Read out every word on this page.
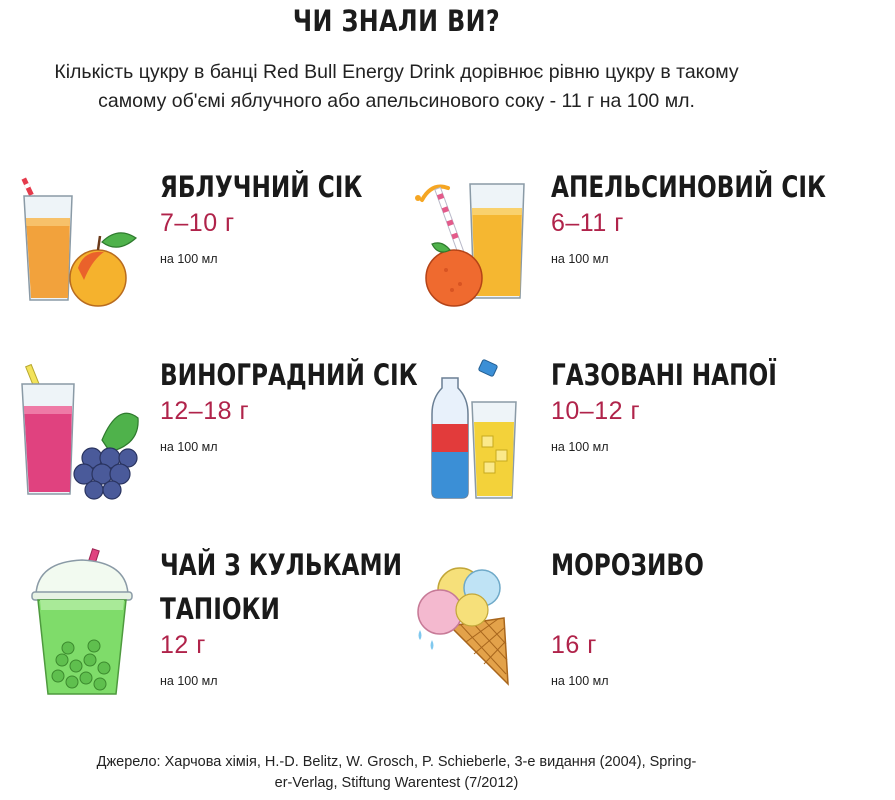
ЧИ ЗНАЛИ ВИ?
Кількість цукру в банці Red Bull Energy Drink дорівнює рівню цукру в такому
самому об'ємі яблучного або апельсинового соку - 11 г на 100 мл.
ЯБЛУЧНИЙ СІК
7–10 г
на 100 мл
АПЕЛЬСИНОВИЙ СІК
6–11 г
на 100 мл
ВИНОГРАДНИЙ СІК
12–18 г
на 100 мл
ГАЗОВАНІ НАПОЇ
10–12 г
на 100 мл
ЧАЙ З КУЛЬКАМИ
ТАПІОКИ
12 г
на 100 мл
МОРОЗИВО
16 г
на 100 мл
Джерело: Харчова хімія, H.-D. Belitz, W. Grosch, P. Schieberle, 3-е видання (2004), Spring-
er-Verlag, Stiftung Warentest (7/2012)
